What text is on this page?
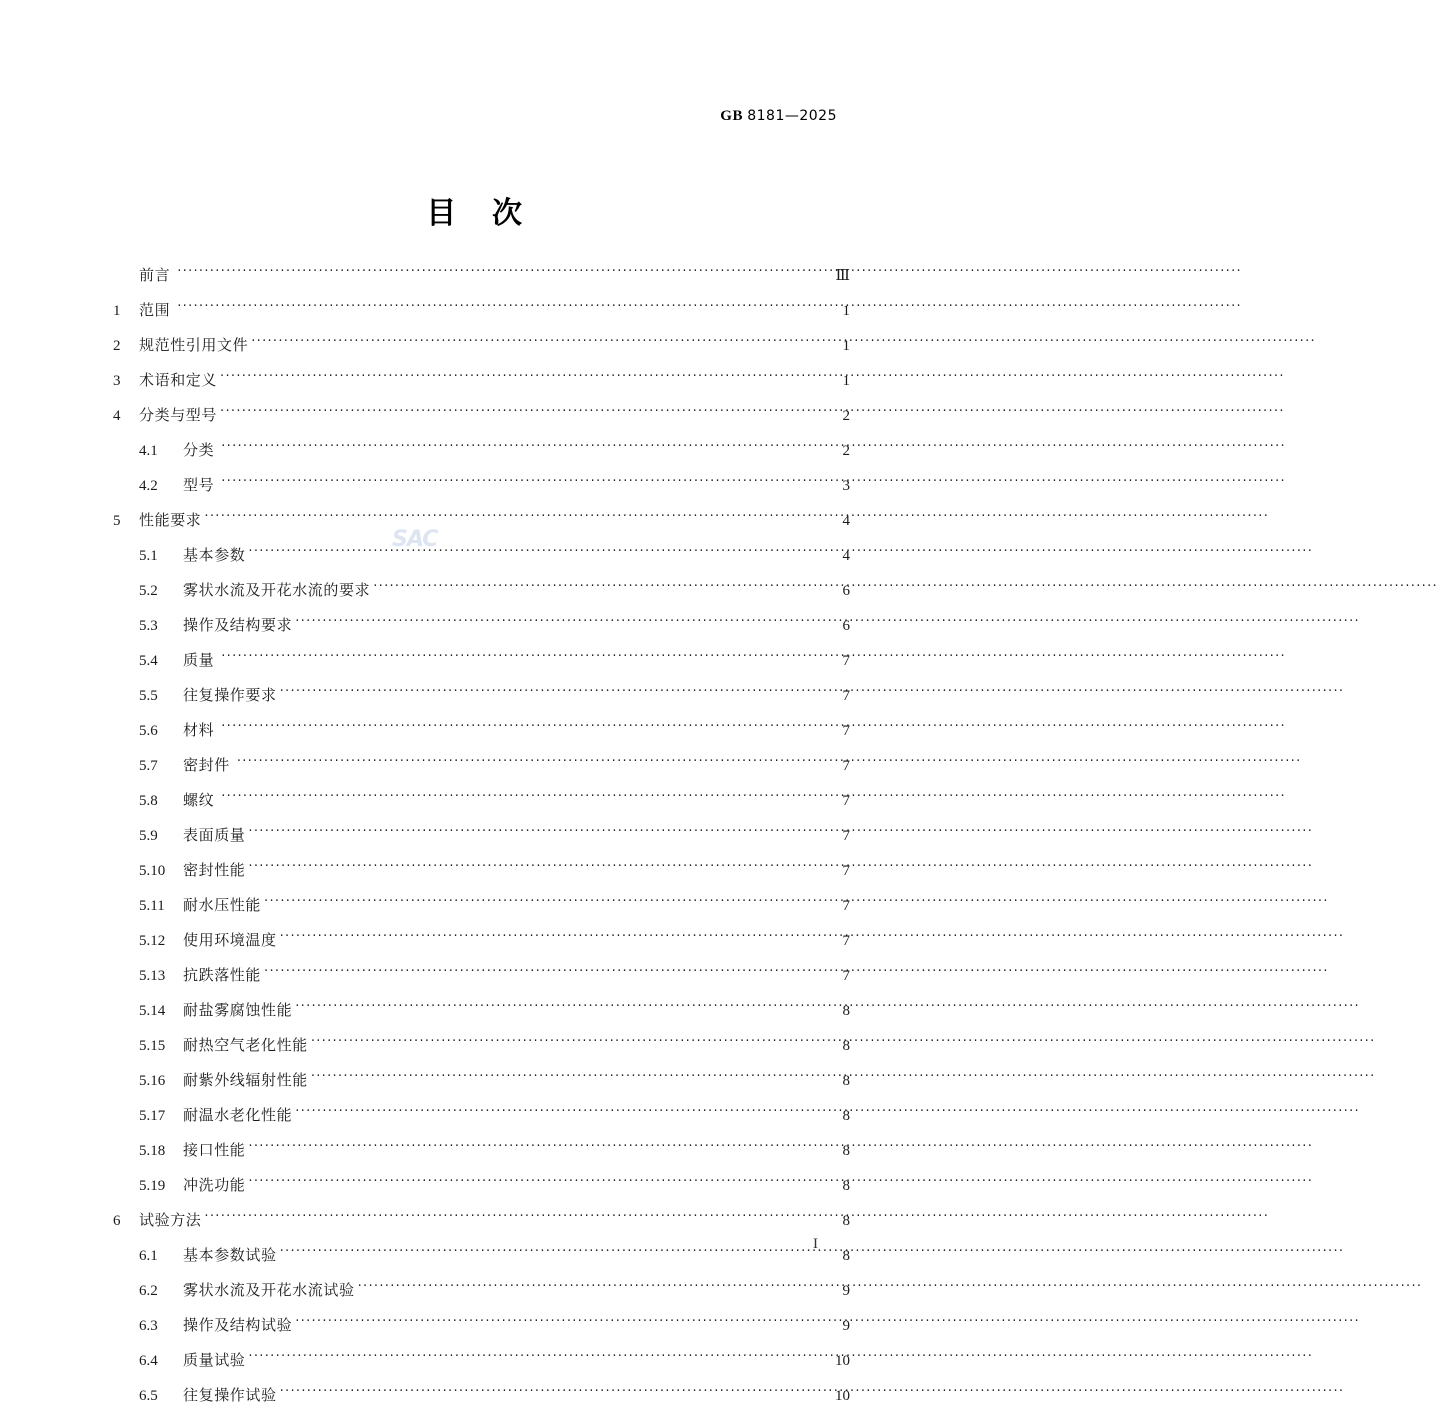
GB 8181—2025
目 次
前言 ·····	Ⅲ
1	范围 ·····	1
2	规范性引用文件 ·····	1
3	术语和定义 ·····	1
4	分类与型号 ·····	2
4.1	分类 ·····	2
4.2	型号 ·····	3
5	性能要求 ·····	4
5.1	基本参数 ·····	4
5.2	雾状水流及开花水流的要求 ·····	6
5.3	操作及结构要求 ·····	6
5.4	质量 ·····	7
5.5	往复操作要求 ·····	7
5.6	材料 ·····	7
5.7	密封件 ·····	7
5.8	螺纹 ·····	7
5.9	表面质量 ·····	7
5.10	密封性能 ·····	7
5.11	耐水压性能 ·····	7
5.12	使用环境温度 ·····	7
5.13	抗跌落性能 ·····	7
5.14	耐盐雾腐蚀性能 ·····	8
5.15	耐热空气老化性能 ·····	8
5.16	耐紫外线辐射性能 ·····	8
5.17	耐温水老化性能 ·····	8
5.18	接口性能 ·····	8
5.19	冲洗功能 ·····	8
6	试验方法 ·····	8
6.1	基本参数试验 ·····	8
6.2	雾状水流及开花水流试验 ·····	9
6.3	操作及结构试验 ·····	9
6.4	质量试验 ·····	10
6.5	往复操作试验 ·····	10
SAC
I
